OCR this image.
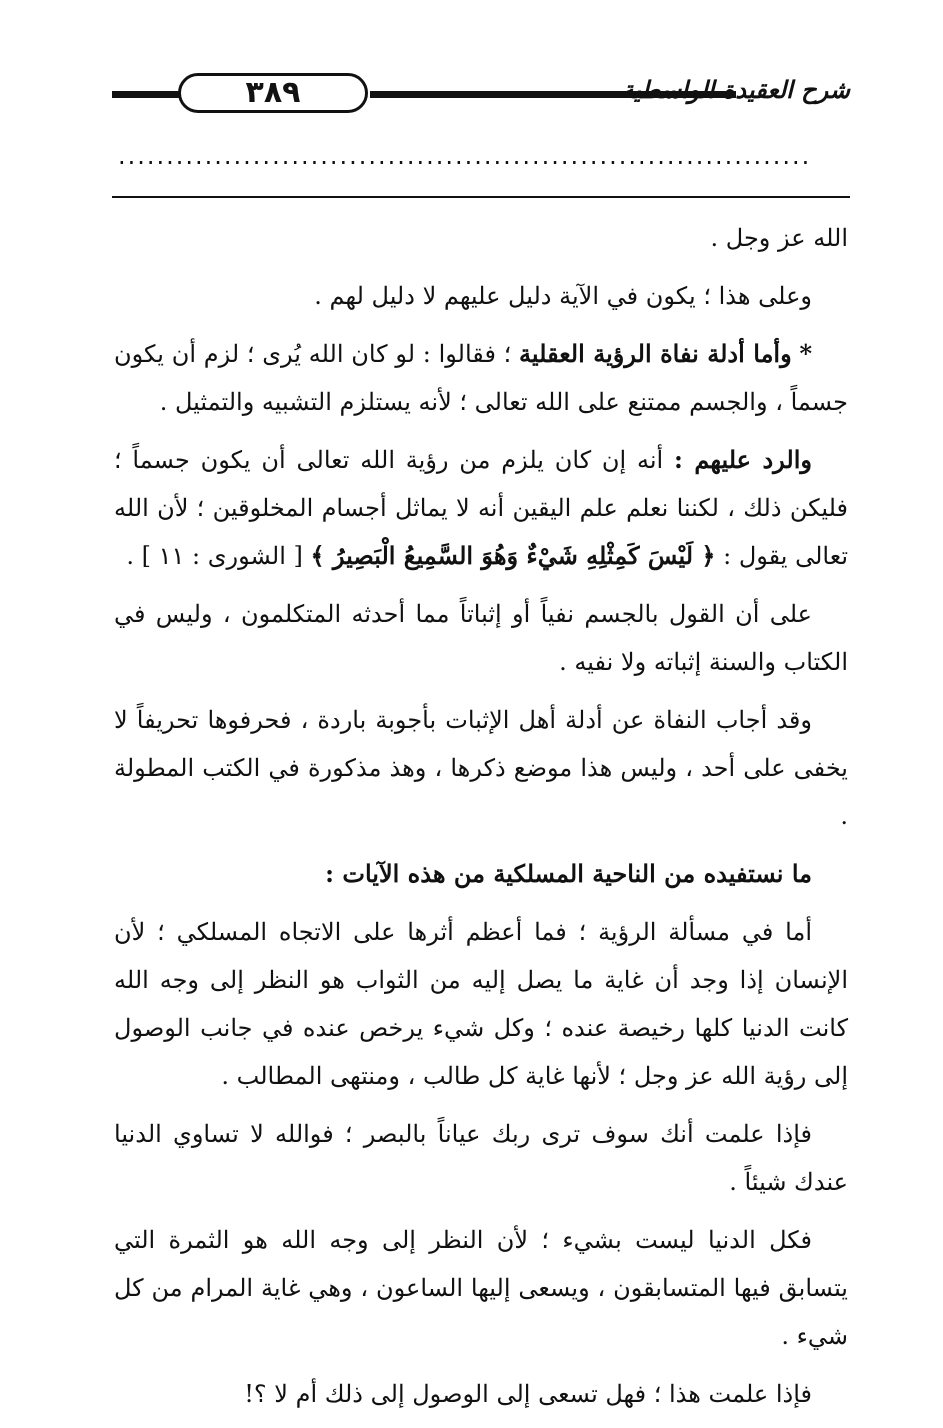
٣٨٩	شرح العقيدة الواسطية
........................................................................

الله عز وجل .

وعلى هذا ؛ يكون في الآية دليل عليهم لا دليل لهم .

* وأما أدلة نفاة الرؤية العقلية ؛ فقالوا : لو كان الله يُرى ؛ لزم أن يكون جسماً ، والجسم ممتنع على الله تعالى ؛ لأنه يستلزم التشبيه والتمثيل .

والرد عليهم : أنه إن كان يلزم من رؤية الله تعالى أن يكون جسماً ؛ فليكن ذلك ، لكننا نعلم علم اليقين أنه لا يماثل أجسام المخلوقين ؛ لأن الله تعالى يقول : ﴿ لَيْسَ كَمِثْلِهِ شَيْءٌ وَهُوَ السَّمِيعُ الْبَصِيرُ ﴾ [ الشورى : ١١ ] .

على أن القول بالجسم نفياً أو إثباتاً مما أحدثه المتكلمون ، وليس في الكتاب والسنة إثباته ولا نفيه .

وقد أجاب النفاة عن أدلة أهل الإثبات بأجوبة باردة ، فحرفوها تحريفاً لا يخفى على أحد ، وليس هذا موضع ذكرها ، وهذ مذكورة في الكتب المطولة .

ما نستفيده من الناحية المسلكية من هذه الآيات :

أما في مسألة الرؤية ؛ فما أعظم أثرها على الاتجاه المسلكي ؛ لأن الإنسان إذا وجد أن غاية ما يصل إليه من الثواب هو النظر إلى وجه الله كانت الدنيا كلها رخيصة عنده ؛ وكل شيء يرخص عنده في جانب الوصول إلى رؤية الله عز وجل ؛ لأنها غاية كل طالب ، ومنتهى المطالب .

فإذا علمت أنك سوف ترى ربك عياناً بالبصر ؛ فوالله لا تساوي الدنيا عندك شيئاً .

فكل الدنيا ليست بشيء ؛ لأن النظر إلى وجه الله هو الثمرة التي يتسابق فيها المتسابقون ، ويسعى إليها الساعون ، وهي غاية المرام من كل شيء .

فإذا علمت هذا ؛ فهل تسعى إلى الوصول إلى ذلك أم لا ؟!
